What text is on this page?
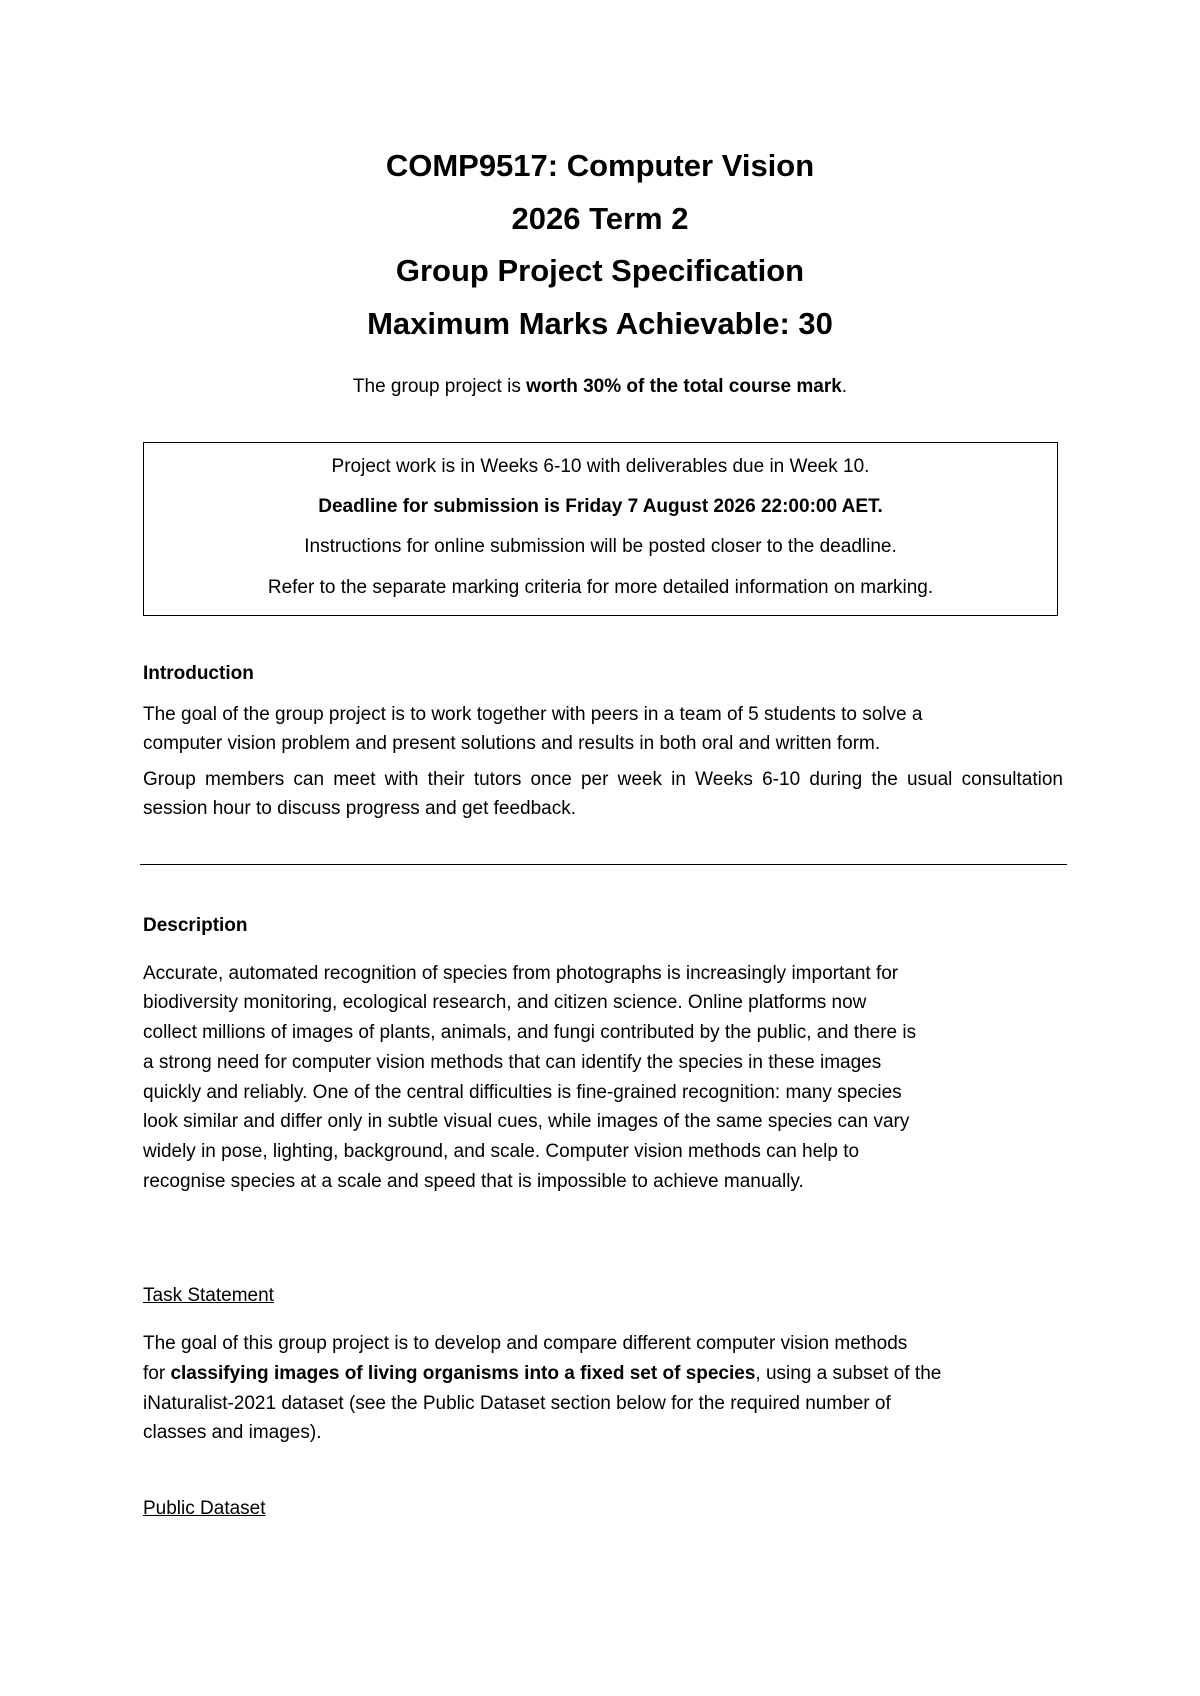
COMP9517: Computer Vision
2026 Term 2
Group Project Specification
Maximum Marks Achievable: 30
The group project is worth 30% of the total course mark.
Project work is in Weeks 6-10 with deliverables due in Week 10.
Deadline for submission is Friday 7 August 2026 22:00:00 AET.
Instructions for online submission will be posted closer to the deadline.
Refer to the separate marking criteria for more detailed information on marking.
Introduction
The goal of the group project is to work together with peers in a team of 5 students to solve a
computer vision problem and present solutions and results in both oral and written form.
Group members can meet with their tutors once per week in Weeks 6-10 during the usual consultation session hour to discuss progress and get feedback.
Description
Accurate, automated recognition of species from photographs is increasingly important for
biodiversity monitoring, ecological research, and citizen science. Online platforms now
collect millions of images of plants, animals, and fungi contributed by the public, and there is
a strong need for computer vision methods that can identify the species in these images
quickly and reliably. One of the central difficulties is fine-grained recognition: many species
look similar and differ only in subtle visual cues, while images of the same species can vary
widely in pose, lighting, background, and scale. Computer vision methods can help to
recognise species at a scale and speed that is impossible to achieve manually.
Task Statement
The goal of this group project is to develop and compare different computer vision methods
for classifying images of living organisms into a fixed set of species, using a subset of the
iNaturalist-2021 dataset (see the Public Dataset section below for the required number of
classes and images).
Public Dataset
